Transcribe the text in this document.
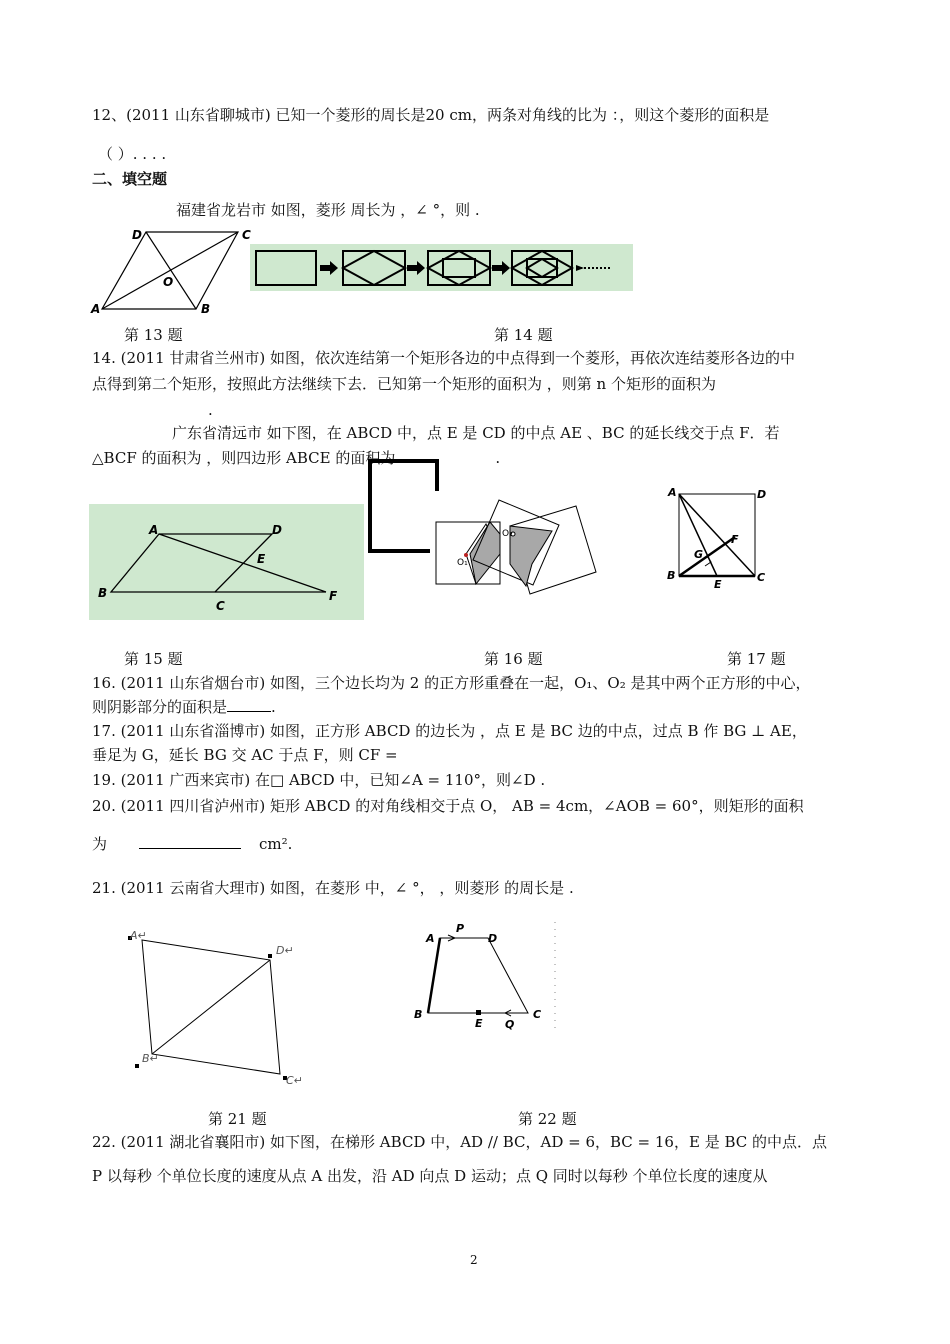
12、(2011 山东省聊城市) 已知一个菱形的周长是20 cm，两条对角线的比为 ：，则这个菱形的面积是
（ ）. . . .
二、填空题
福建省龙岩市 如图，菱形 周长为 ，∠ °，则 .
D	C
O
A	B
第 13 题	第 14 题
14. (2011 甘肃省兰州市) 如图，依次连结第一个矩形各边的中点得到一个菱形，再依次连结菱形各边的中
点得到第二个矩形，按照此方法继续下去．已知第一个矩形的面积为 ，则第 n 个矩形的面积为
.
广东省清远市 如下图，在 ABCD 中，点 E 是 CD 的中点 AE 、BC 的延长线交于点 F．若
△BCF 的面积为 ，则四边形 ABCE 的面积为	.
A	D
E
B
C
F
O₁
O₂
A	D
F
G
B
E
C
第 15 题	第 16 题	第 17 题
16. (2011 山东省烟台市) 如图，三个边长均为 2 的正方形重叠在一起，O₁、O₂ 是其中两个正方形的中心，
则阴影部分的面积是	.
17. (2011 山东省淄博市) 如图，正方形 ABCD 的边长为 ，点 E 是 BC 边的中点，过点 B 作 BG ⊥ AE，
垂足为 G，延长 BG 交 AC 于点 F，则 CF =
19. (2011 广西来宾市) 在□ ABCD 中，已知∠A = 110°，则∠D .
20. (2011 四川省泸州市) 矩形 ABCD 的对角线相交于点 O， AB = 4cm，∠AOB = 60°，则矩形的面积
为	cm².
21. (2011 云南省大理市) 如图，在菱形 中，∠ °， ，则菱形 的周长是 .
A↵
D↵
B↵
C↵
A
P
D
B
E Q
C
第 21 题	第 22 题
22. (2011 湖北省襄阳市) 如下图，在梯形 ABCD 中，AD // BC，AD = 6，BC = 16，E 是 BC 的中点．点
P 以每秒 个单位长度的速度从点 A 出发，沿 AD 向点 D 运动；点 Q 同时以每秒 个单位长度的速度从
2
